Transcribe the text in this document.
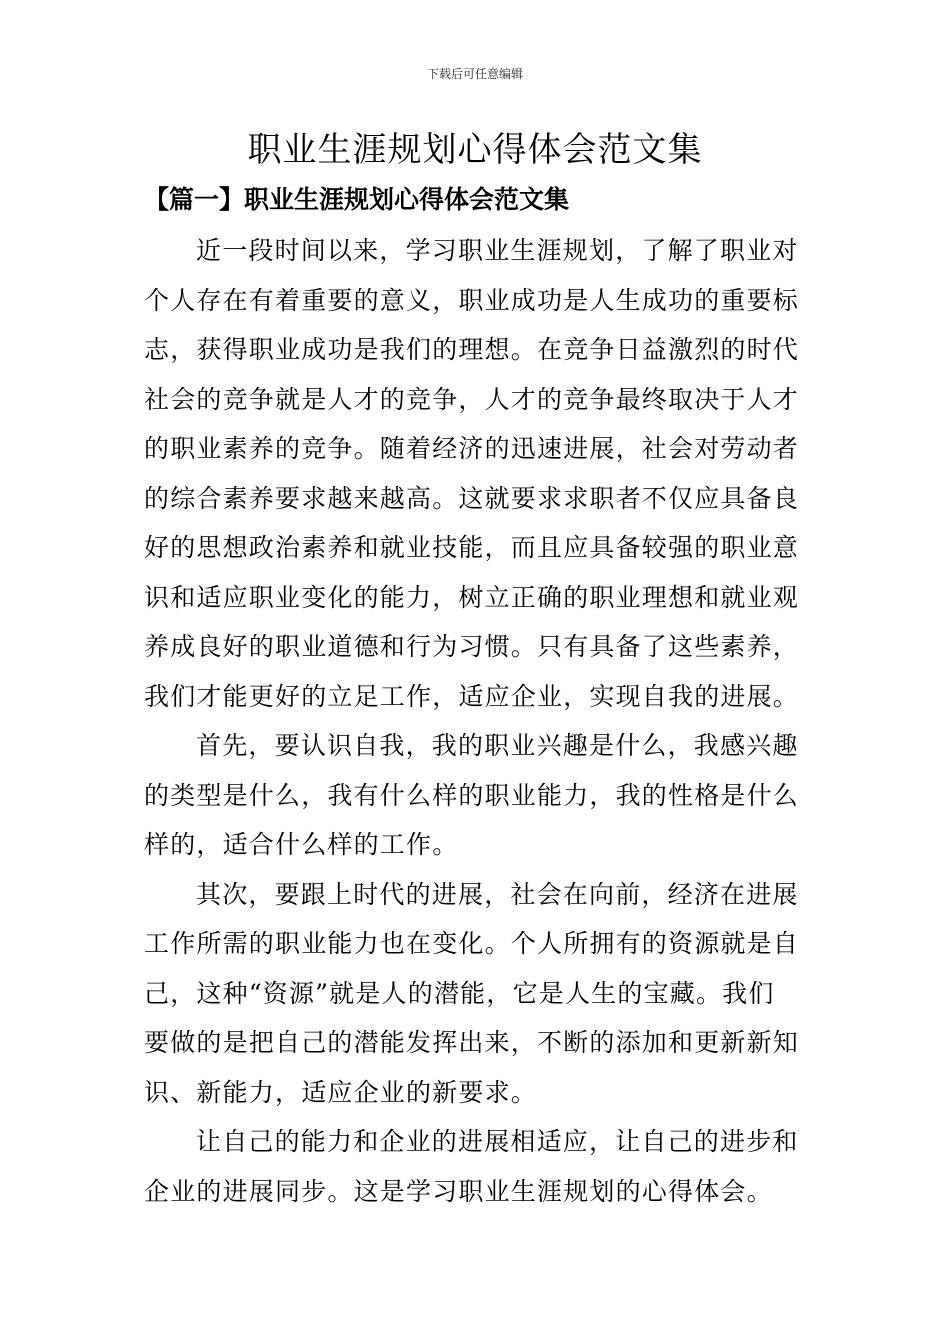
下载后可任意编辑
职业生涯规划心得体会范文集
【篇一】职业生涯规划心得体会范文集
近一段时间以来，学习职业生涯规划，了解了职业对
个人存在有着重要的意义，职业成功是人生成功的重要标
志，获得职业成功是我们的理想。在竞争日益激烈的时代
社会的竞争就是人才的竞争，人才的竞争最终取决于人才
的职业素养的竞争。随着经济的迅速进展，社会对劳动者
的综合素养要求越来越高。这就要求求职者不仅应具备良
好的思想政治素养和就业技能，而且应具备较强的职业意
识和适应职业变化的能力，树立正确的职业理想和就业观
养成良好的职业道德和行为习惯。只有具备了这些素养，
我们才能更好的立足工作，适应企业，实现自我的进展。
首先，要认识自我，我的职业兴趣是什么，我感兴趣
的类型是什么，我有什么样的职业能力，我的性格是什么
样的，适合什么样的工作。
其次，要跟上时代的进展，社会在向前，经济在进展
工作所需的职业能力也在变化。个人所拥有的资源就是自
己，这种“资源”就是人的潜能，它是人生的宝藏。我们
要做的是把自己的潜能发挥出来，不断的添加和更新新知
识、新能力，适应企业的新要求。
让自己的能力和企业的进展相适应，让自己的进步和
企业的进展同步。这是学习职业生涯规划的心得体会。
